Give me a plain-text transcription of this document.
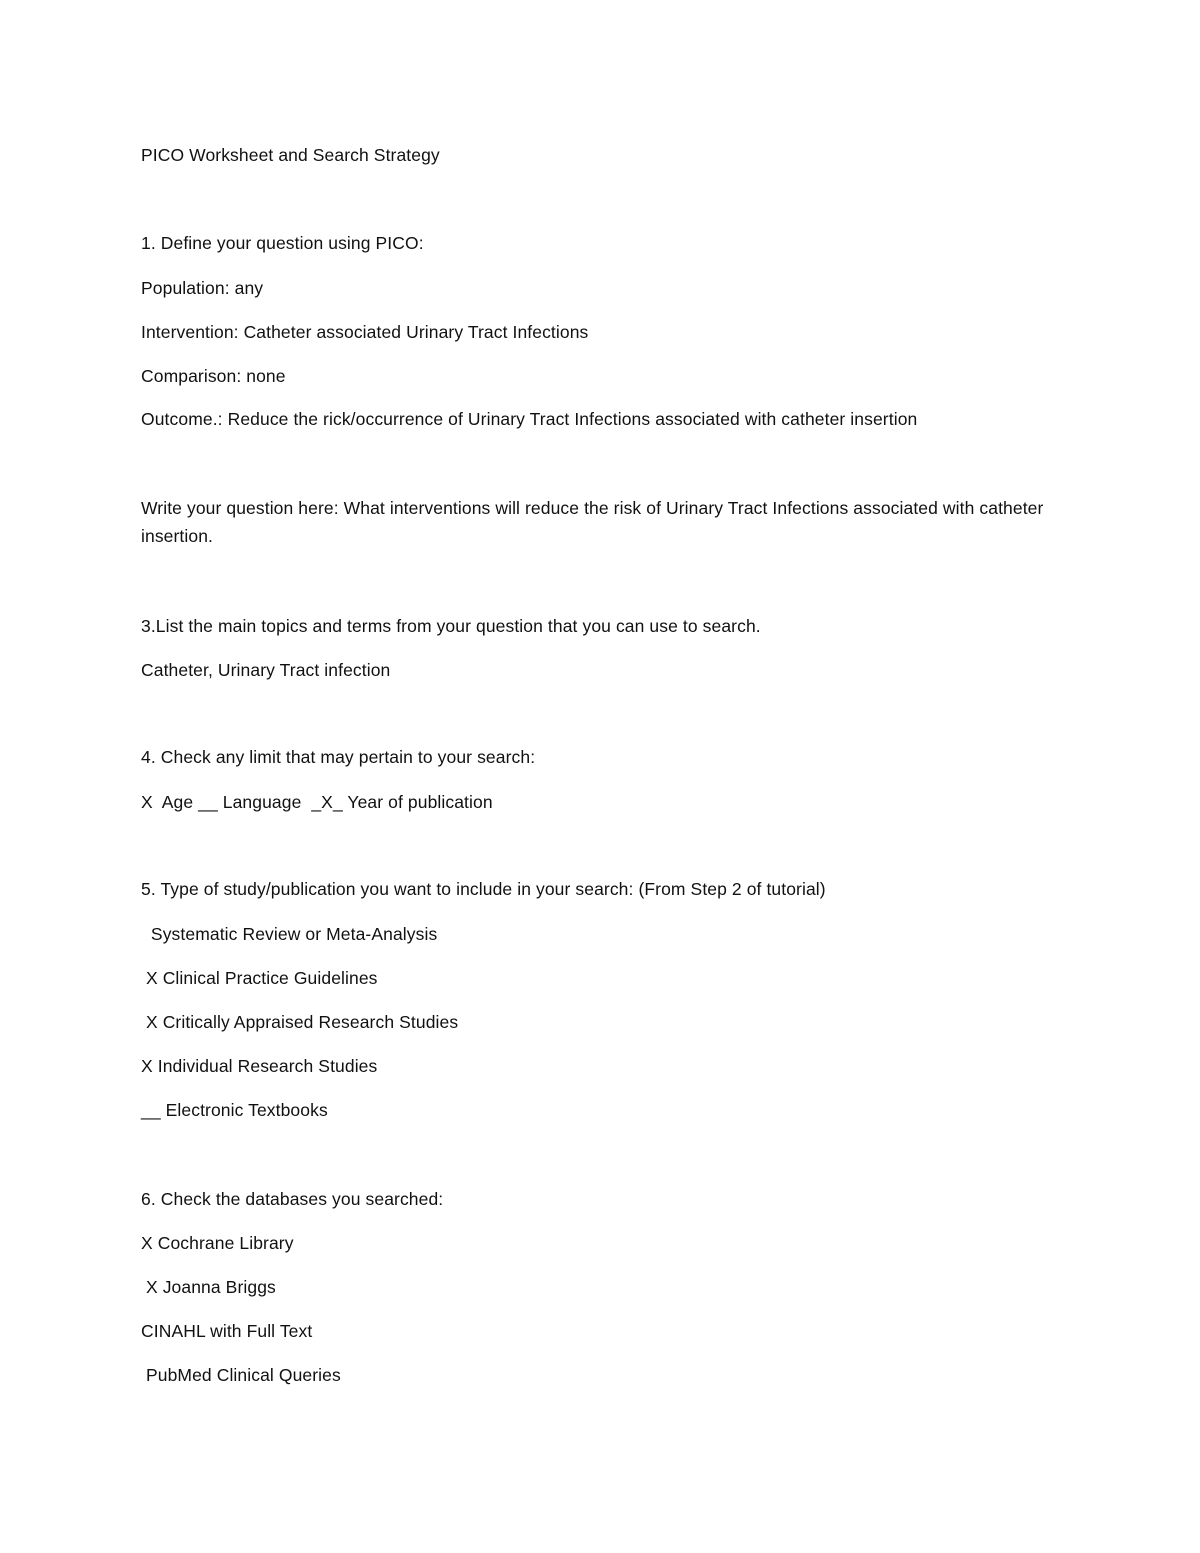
PICO Worksheet and Search Strategy
1. Define your question using PICO:
Population: any
Intervention: Catheter associated Urinary Tract Infections
Comparison: none
Outcome.: Reduce the rick/occurrence of Urinary Tract Infections associated with catheter insertion
Write your question here: What interventions will reduce the risk of Urinary Tract Infections associated with catheter insertion.
3.List the main topics and terms from your question that you can use to search.
Catheter, Urinary Tract infection
4. Check any limit that may pertain to your search:
X  Age __ Language  _X_ Year of publication
5. Type of study/publication you want to include in your search: (From Step 2 of tutorial)
Systematic Review or Meta-Analysis
X Clinical Practice Guidelines
X Critically Appraised Research Studies
X Individual Research Studies
__ Electronic Textbooks
6. Check the databases you searched:
X Cochrane Library
X Joanna Briggs
CINAHL with Full Text
PubMed Clinical Queries
